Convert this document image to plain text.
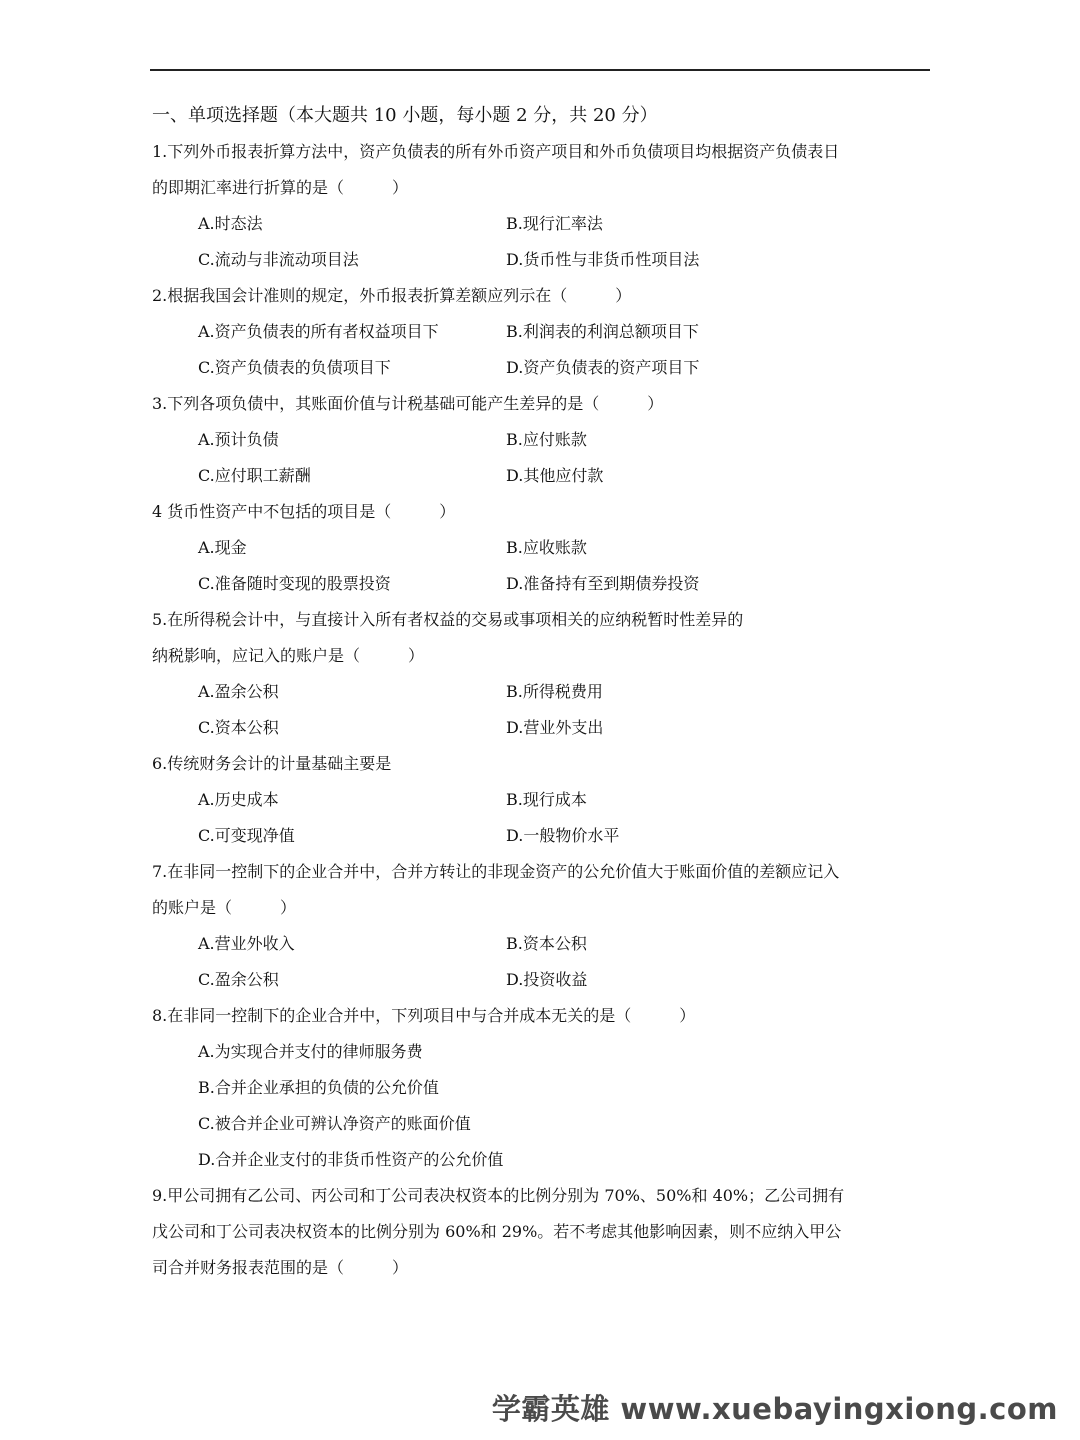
一、单项选择题（本大题共 10 小题，每小题 2 分，共 20 分）
1.下列外币报表折算方法中，资产负债表的所有外币资产项目和外币负债项目均根据资产负债表日
的即期汇率进行折算的是（　　　）
A.时态法	B.现行汇率法
C.流动与非流动项目法	D.货币性与非货币性项目法
2.根据我国会计准则的规定，外币报表折算差额应列示在（　　　）
A.资产负债表的所有者权益项目下	B.利润表的利润总额项目下
C.资产负债表的负债项目下	D.资产负债表的资产项目下
3.下列各项负债中，其账面价值与计税基础可能产生差异的是（　　　）
A.预计负债	B.应付账款
C.应付职工薪酬	D.其他应付款
4 货币性资产中不包括的项目是（　　　）
A.现金	B.应收账款
C.准备随时变现的股票投资	D.准备持有至到期债券投资
5.在所得税会计中，与直接计入所有者权益的交易或事项相关的应纳税暂时性差异的
纳税影响，应记入的账户是（　　　）
A.盈余公积	B.所得税费用
C.资本公积	D.营业外支出
6.传统财务会计的计量基础主要是
A.历史成本	B.现行成本
C.可变现净值	D.一般物价水平
7.在非同一控制下的企业合并中，合并方转让的非现金资产的公允价值大于账面价值的差额应记入
的账户是（　　　）
A.营业外收入	B.资本公积
C.盈余公积	D.投资收益
8.在非同一控制下的企业合并中，下列项目中与合并成本无关的是（　　　）
A.为实现合并支付的律师服务费
B.合并企业承担的负债的公允价值
C.被合并企业可辨认净资产的账面价值
D.合并企业支付的非货币性资产的公允价值
9.甲公司拥有乙公司、丙公司和丁公司表决权资本的比例分别为 70%、50%和 40%；乙公司拥有
戊公司和丁公司表决权资本的比例分别为 60%和 29%。若不考虑其他影响因素，则不应纳入甲公
司合并财务报表范围的是（　　　）
学霸英雄 www.xuebayingxiong.com
